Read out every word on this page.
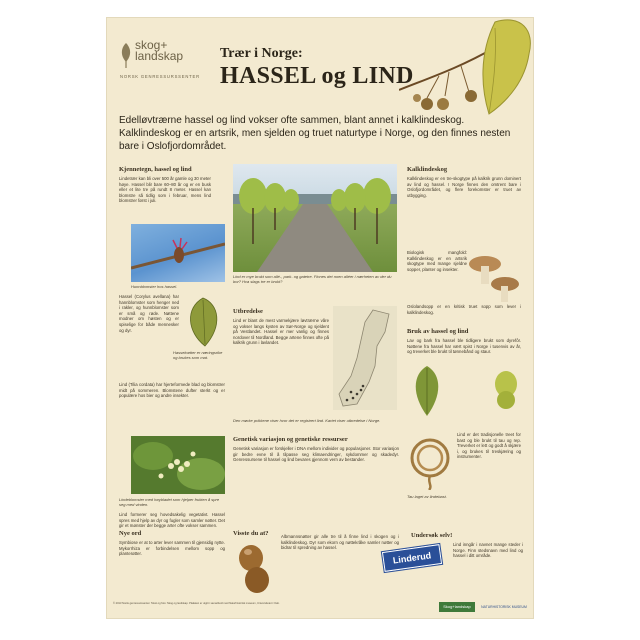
skog+
landskap
NORSK GENRESSURSSENTER
Trær i Norge:
HASSEL og LIND
Edelløvtrærne hassel og lind vokser ofte sammen, blant annet i kalklindeskog. Kalklindeskog er en artsrik, men sjelden og truet naturtype i Norge, og den finnes nesten bare i Oslofjordområdet.
Kjennetegn, hassel og lind
Lindetrær kan bli over 500 år gamle og 30 meter høye. Hassel blir bare 60–80 år og er en busk eller et lite tre på rundt 8 meter. Hassel kan blomstre så tidlig som i februar, mens lind blomstrer først i juli.
Hunnblomster hos hassel.
Hassel (Corylus avellana) har hannblomster som henger ned i rakler, og hunnblomster som er små og røde. Nøttene modner om høsten og er spiselige for både mennesker og dyr.
Hasselnøtter er næringsrike og brukes som mat.
Lind (Tilia cordata) har hjerteformede blad og blomstrer midt på sommeren. Blomstene dufter sterkt og er populære hos bier og andre insekter.
Lindeblomster med høybladet som hjelper frukten å spre seg med vinden.
Lind formerer seg hovedsakelig vegetativt. Hassel spres med hjelp av dyr og fugler som samler nøtter. Det gir et mønster der begge arter ofte vokser sammen.
Lind er mye brukt som allé-, park- og gatetre. Finnes det noen alléer i nærheten av der du bor? Hva slags tre er brukt?
Utbredelse
Lind er blant de mest varmekjære løvtrærne våre og vokser langs kysten av Sør-Norge og sjeldent på Vestlandet. Hassel er mer vanlig og finnes nordover til Nordland. Begge artene finnes ofte på kalkrik grunn i lavlandet.
Den mørke prikkene viser hvor det er registrert lind. Kartet viser utbredelse i Norge.
Genetisk variasjon og genetiske ressurser
Genetisk variasjon er forskjeller i DNA mellom individer og populasjoner. Stor variasjon gir bedre evne til å tilpasse seg klimaendringer, sykdommer og skadedyr. Genressursene til hassel og lind bevares gjennom vern av bestander.
Visste du at?	Albmannsnøtter gir alle tre til å finne lind i skogen og i kalklindeskog. Dyr som ekorn og nøttekråke samler nøtter og bidrar til spredning av hassel.
Kalklindeskog
Kalklindeskog er en tre-skogtype på kalkrik grunn dominert av lind og hassel. I Norge finnes den omtrent bare i Oslofjordområdet, og flere forekomster er truet av utbygging.
Biologisk mangfold: Kalklindeskog er en artsrik skogtype med mange sjeldne sopper, planter og insekter.
Oslolandsopp er en kritisk truet sopp som lever i kalklindeskog.
Bruk av hassel og lind
Lav og bark fra hassel ble tidligere brukt som dyrefôr. Nøttene fra hassel har vært spist i Norge i tusenvis av år, og treverket ble brukt til tønnebånd og staur.
Tau laget av lindebast.
Lind er det tradisjonelle treet for bast og ble brukt til tau og rep. Treverket er lett og godt å skjære i, og brukes til treskjæring og instrumenter.
Undersøk selv!
Linderud
Lind inngår i navnet mange steder i Norge. Finn stedsnavn med lind og hassel i ditt område.
Nye ord
Symbiose er at to arter lever sammen til gjensidig nytte. Mykorrhiza er forbindelsen mellom sopp og planterøtter.
© 2013 Norsk genressurssenter. Tekst og foto: Skog og landskap. Plakaten er utgitt i samarbeid med Naturhistorisk museum, Universitetet i Oslo.
Skog+landskap	NATURHISTORISK MUSEUM
